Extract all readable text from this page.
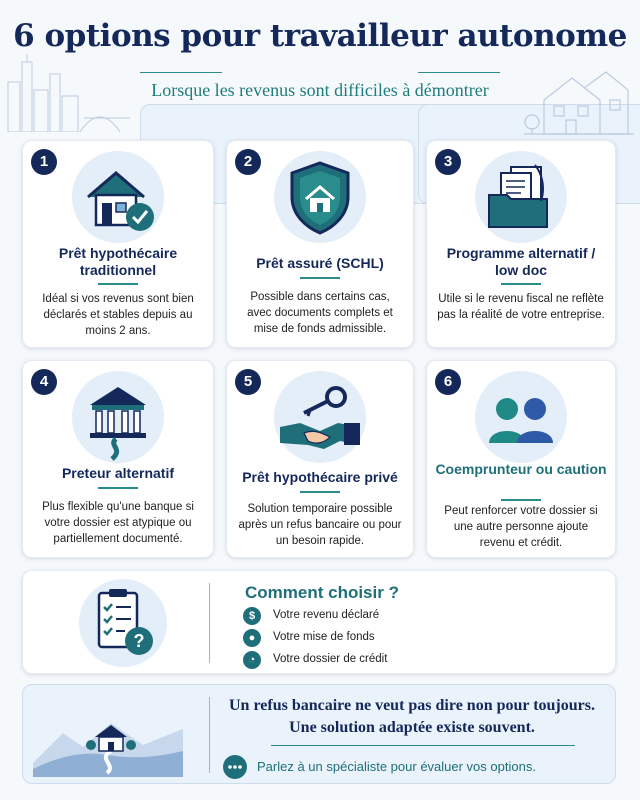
6 options pour travailleur autonome
Lorsque les revenus sont difficiles à démontrer
1
Prêt hypothécaire traditionnel
Idéal si vos revenus sont bien déclarés et stables depuis au moins 2 ans.
2
Prêt assuré (SCHL)
Possible dans certains cas, avec documents complets et mise de fonds admissible.
3
Programme alternatif / low doc
Utile si le revenu fiscal ne reflète pas la réalité de votre entreprise.
4
Preteur alternatif
Plus flexible qu'une banque si votre dossier est atypique ou partiellement documenté.
5
Prêt hypothécaire privé
Solution temporaire possible après un refus bancaire ou pour un besoin rapide.
6
Coemprunteur ou caution
Peut renforcer votre dossier si une autre personne ajoute revenu et crédit.
?
Comment choisir ?
$	Votre revenu déclaré
●	Votre mise de fonds
◔	Votre dossier de crédit
Un refus bancaire ne veut pas dire non pour toujours.
Une solution adaptée existe souvent.
Parlez à un spécialiste pour évaluer vos options.
